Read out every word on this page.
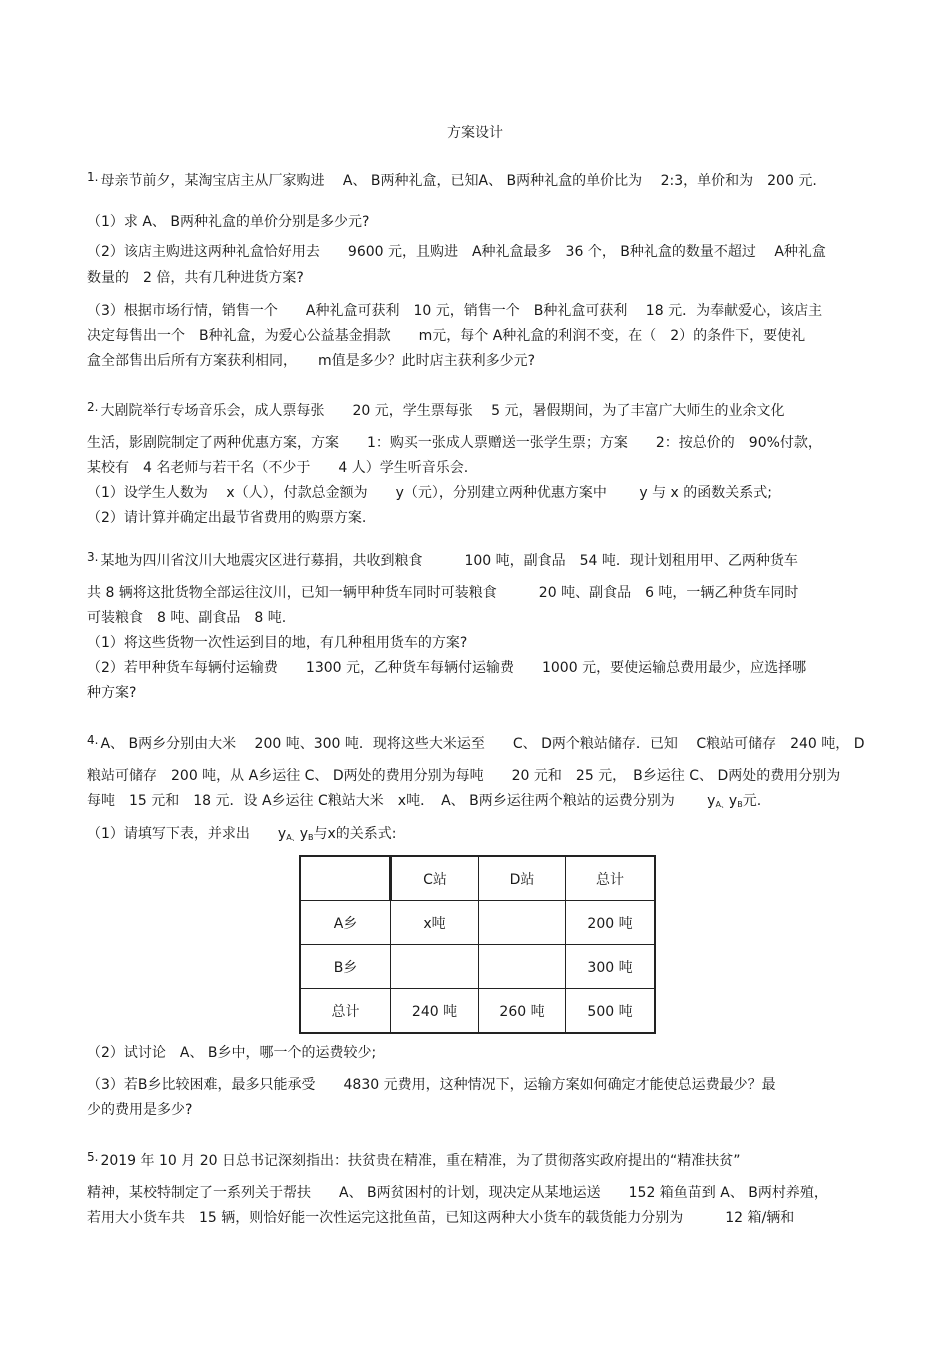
方案设计
1. 母亲节前夕，某淘宝店主从厂家购进　 A、 B两种礼盒，已知A、 B两种礼盒的单价比为　 2:3，单价和为　200 元.
（1）求 A、 B两种礼盒的单价分别是多少元?
（2）该店主购进这两种礼盒恰好用去　　9600 元，且购进　A种礼盒最多　36 个， B种礼盒的数量不超过　 A种礼盒
数量的　2 倍，共有几种进货方案?
（3）根据市场行情，销售一个　　A种礼盒可获利　10 元，销售一个　B种礼盒可获利　 18 元．为奉献爱心，该店主
决定每售出一个　B种礼盒，为爱心公益基金捐款　　m元，每个 A种礼盒的利润不变，在（　2）的条件下，要使礼
盒全部售出后所有方案获利相同，　　m值是多少？此时店主获利多少元?
2. 大剧院举行专场音乐会，成人票每张　　20 元，学生票每张　 5 元，暑假期间，为了丰富广大师生的业余文化
生活，影剧院制定了两种优惠方案，方案　　1：购买一张成人票赠送一张学生票；方案　　2：按总价的　90%付款，
某校有　4 名老师与若干名（不少于　　4 人）学生听音乐会.
（1）设学生人数为　 x（人），付款总金额为　　y（元），分别建立两种优惠方案中　　 y 与 x 的函数关系式;
（2）请计算并确定出最节省费用的购票方案.
3. 某地为四川省汶川大地震灾区进行募捐，共收到粮食　　　100 吨，副食品　54 吨．现计划租用甲、乙两种货车
共 8 辆将这批货物全部运往汶川，已知一辆甲种货车同时可装粮食　　　20 吨、副食品　6 吨，一辆乙种货车同时
可装粮食　8 吨、副食品　8 吨.
（1）将这些货物一次性运到目的地，有几种租用货车的方案?
（2）若甲种货车每辆付运输费　　1300 元，乙种货车每辆付运输费　　1000 元，要使运输总费用最少，应选择哪
种方案?
4. A、 B两乡分别由大米　 200 吨、300 吨．现将这些大米运至　　C、 D两个粮站储存．已知　 C粮站可储存　240 吨， D
粮站可储存　200 吨，从 A乡运往 C、 D两处的费用分别为每吨　　20 元和　25 元，　B乡运往 C、 D两处的费用分别为
每吨　15 元和　18 元．设 A乡运往 C粮站大米　x吨．　A、 B两乡运往两个粮站的运费分别为　　 $y_{A、}y_B$元.
（1）请填写下表，并求出　　$y_{A、}y_B$与x的关系式:
	C站	D站	总计
A乡	x吨		200 吨
B乡			300 吨
总计	240 吨	260 吨	500 吨
（2）试讨论　A、 B乡中，哪一个的运费较少;
（3）若B乡比较困难，最多只能承受　　4830 元费用，这种情况下，运输方案如何确定才能使总运费最少？最
少的费用是多少?
5. 2019 年 10 月 20 日总书记深刻指出：扶贫贵在精准，重在精准，为了贯彻落实政府提出的“精准扶贫”
精神，某校特制定了一系列关于帮扶　　A、 B两贫困村的计划，现决定从某地运送　　152 箱鱼苗到 A、 B两村养殖，
若用大小货车共　15 辆，则恰好能一次性运完这批鱼苗，已知这两种大小货车的载货能力分别为　　　12 箱/辆和
